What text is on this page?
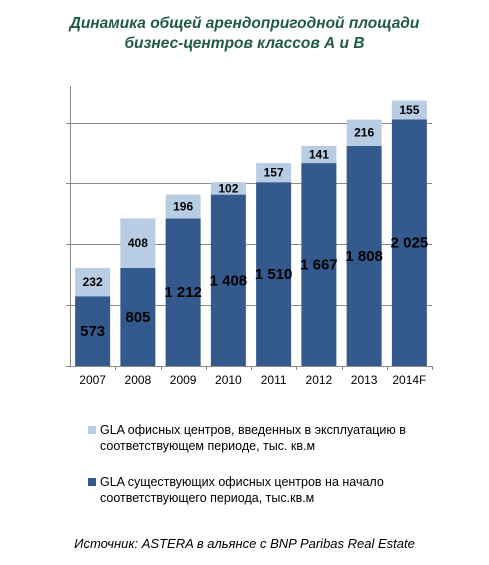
Динамика общей арендопригодной площади
бизнес-центров классов А и В
2007
232
573
2008
408
805
2009
196
1 212
2010
102
1 408
2011
157
1 510
2012
141
1 667
2013
216
1 808
2014F
155
2 025
GLA офисных центров, введенных в эксплуатацию в соответствующем периоде, тыс. кв.м
GLA существующих офисных центров на начало соответствующего периода, тыс.кв.м
Источник: ASTERA в альянсе с BNP Paribas Real Estate
